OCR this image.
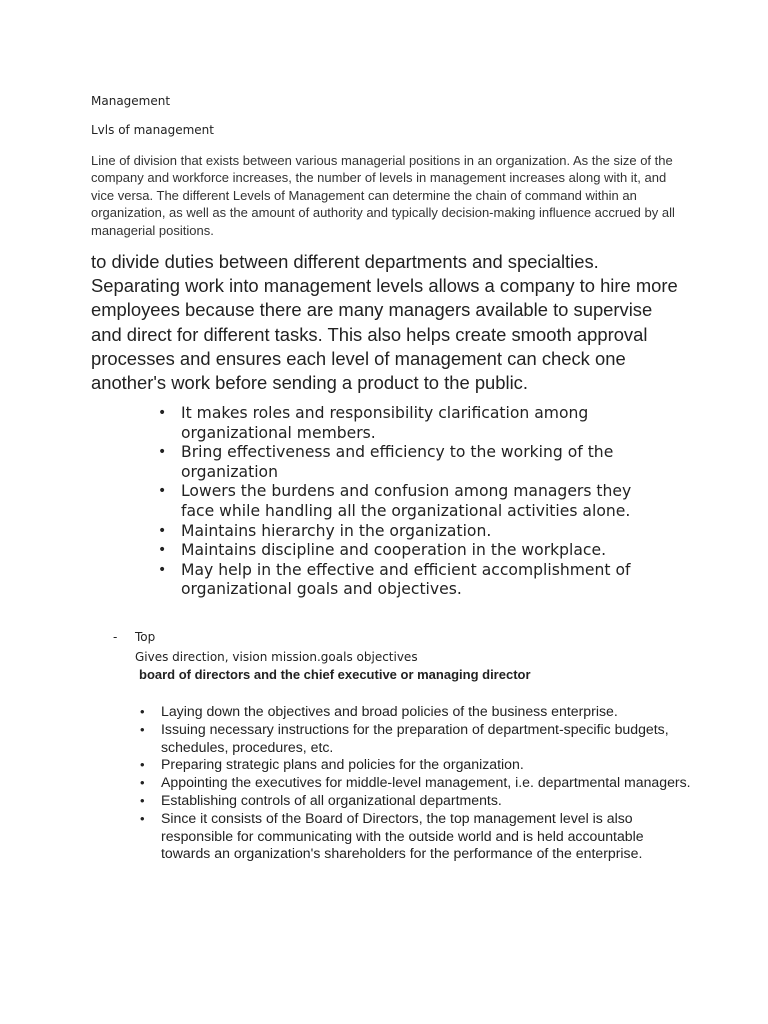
Management
Lvls of management
Line of division that exists between various managerial positions in an organization. As the size of the company and workforce increases, the number of levels in management increases along with it, and vice versa. The different Levels of Management can determine the chain of command within an organization, as well as the amount of authority and typically decision-making influence accrued by all managerial positions.
to divide duties between different departments and specialties. Separating work into management levels allows a company to hire more employees because there are many managers available to supervise and direct for different tasks. This also helps create smooth approval processes and ensures each level of management can check one another's work before sending a product to the public.
• It makes roles and responsibility clarification among organizational members.
• Bring effectiveness and efficiency to the working of the organization
• Lowers the burdens and confusion among managers they face while handling all the organizational activities alone.
• Maintains hierarchy in the organization.
• Maintains discipline and cooperation in the workplace.
• May help in the effective and efficient accomplishment of organizational goals and objectives.
- Top
Gives direction, vision mission.goals objectives
board of directors and the chief executive or managing director
• Laying down the objectives and broad policies of the business enterprise.
• Issuing necessary instructions for the preparation of department-specific budgets, schedules, procedures, etc.
• Preparing strategic plans and policies for the organization.
• Appointing the executives for middle-level management, i.e. departmental managers.
• Establishing controls of all organizational departments.
• Since it consists of the Board of Directors, the top management level is also responsible for communicating with the outside world and is held accountable towards an organization's shareholders for the performance of the enterprise.
